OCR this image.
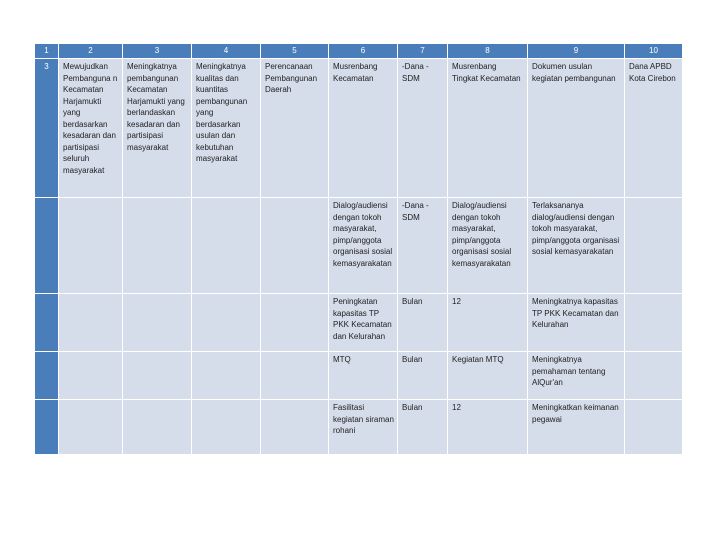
1	2	3	4	5	6	7	8	9	10
3	Mewujudkan Pembanguna n Kecamatan Harjamukti yang berdasarkan kesadaran dan partisipasi seluruh masyarakat	Meningkatnya pembangunan Kecamatan Harjamukti yang berlandaskan kesadaran dan partisipasi masyarakat	Meningkatnya kualitas dan kuantitas pembangunan yang berdasarkan usulan dan kebutuhan masyarakat	Perencanaan Pembangunan Daerah	Musrenbang Kecamatan	-Dana -SDM	Musrenbang Tingkat Kecamatan	Dokumen usulan kegiatan pembangunan	Dana APBD Kota Cirebon
					Dialog/audiensi dengan tokoh masyarakat, pimp/anggota organisasi sosial kemasyarakatan	-Dana -SDM	Dialog/audiensi dengan tokoh masyarakat, pimp/anggota organisasi sosial kemasyarakatan	Terlaksananya dialog/audiensi dengan tokoh masyarakat, pimp/anggota organisasi sosial kemasyarakatan	
					Peningkatan kapasitas TP PKK Kecamatan dan Kelurahan	Bulan	12	Meningkatnya kapasitas TP PKK Kecamatan dan Kelurahan	
					MTQ	Bulan	Kegiatan MTQ	Meningkatnya pemahaman tentang AlQur'an	
					Fasilitasi kegiatan siraman rohani	Bulan	12	Meningkatkan keimanan pegawai	
